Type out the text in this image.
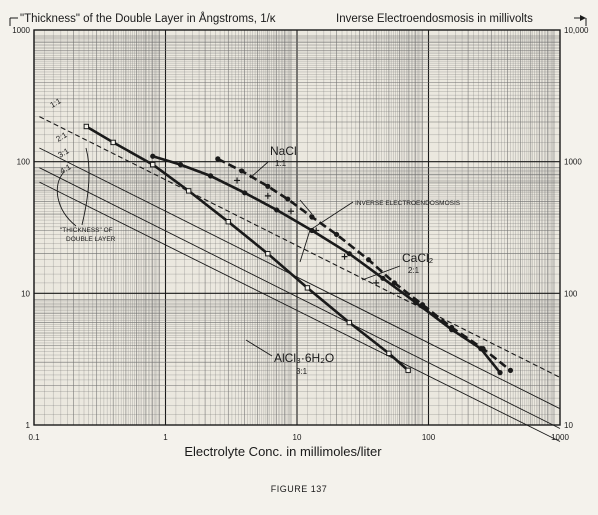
0.1	1	10	100	1000
1
10
100
1000
10
100
1000
10,000
"Thickness" of the Double Layer in Ångstroms, 1/κ	Inverse Electroendosmosis in millivolts
NaCl
1:1
CaCl₂
2:1
AlCl₃·6H₂O
3:1
INVERSE ELECTROENDOSMOSIS
"THICKNESS" OF
DOUBLE LAYER
1:1
2:1
3:1
4:1
Electrolyte Conc. in millimoles/liter
FIGURE 137
